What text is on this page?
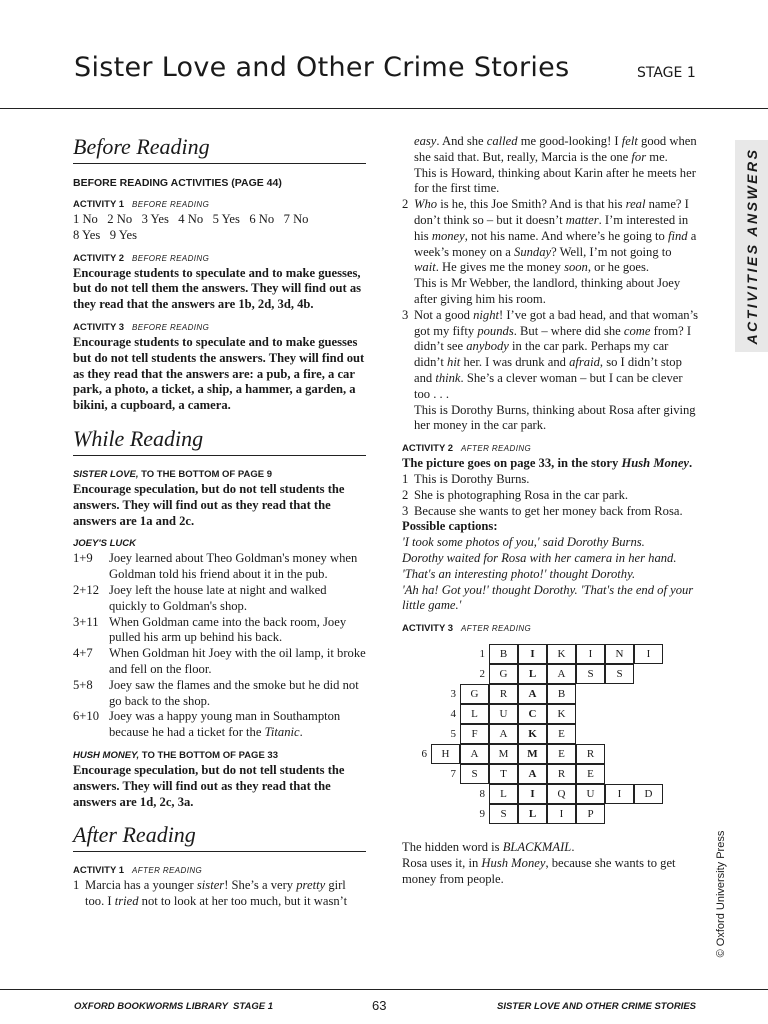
Sister Love and Other Crime Stories	STAGE 1
ACTIVITIES ANSWERS
Before Reading
BEFORE READING ACTIVITIES (PAGE 44)
ACTIVITY 1 BEFORE READING

1 No   2 No   3 Yes   4 No   5 Yes   6 No   7 No

8 Yes   9 Yes

ACTIVITY 2 BEFORE READING

Encourage students to speculate and to make guesses, but do not tell them the answers. They will find out as they read that the answers are 1b, 2d, 3d, 4b.

ACTIVITY 3 BEFORE READING

Encourage students to speculate and to make guesses but do not tell students the answers. They will find out as they read that the answers are: a pub, a fire, a car park, a photo, a ticket, a ship, a hammer, a garden, a bikini, a cupboard, a camera.

While Reading
SISTER LOVE, TO THE BOTTOM OF PAGE 9

Encourage speculation, but do not tell students the answers. They will find out as they read that the answers are 1a and 2c.

JOEY'S LUCK
1+9	Joey learned about Theo Goldman's money when Goldman told his friend about it in the pub.
2+12 Joey left the house late at night and walked quickly to Goldman's shop.
3+11 When Goldman came into the back room, Joey pulled his arm up behind his back.
4+7	When Goldman hit Joey with the oil lamp, it broke and fell on the floor.
5+8	Joey saw the flames and the smoke but he did not go back to the shop.
6+10 Joey was a happy young man in Southampton because he had a ticket for the Titanic.
HUSH MONEY, TO THE BOTTOM OF PAGE 33

Encourage speculation, but do not tell students the answers. They will find out as they read that the answers are 1d, 2c, 3a.

After Reading
ACTIVITY 1 AFTER READING
1 Marcia has a younger sister! She’s a very pretty girl too. I tried not to look at her too much, but it wasn’t

easy. And she called me good-looking! I felt good when she said that. But, really, Marcia is the one for me.

This is Howard, thinking about Karin after he meets her for the first time.

2 Who is he, this Joe Smith? And is that his real name? I don’t think so – but it doesn’t matter. I’m interested in his money, not his name. And where’s he going to find a week’s money on a Sunday? Well, I’m not going to wait. He gives me the money soon, or he goes.

This is Mr Webber, the landlord, thinking about Joey after giving him his room.

3 Not a good night! I’ve got a bad head, and that woman’s got my fifty pounds. But – where did she come from? I didn’t see anybody in the car park. Perhaps my car didn’t hit her. I was drunk and afraid, so I didn’t stop and think. She’s a clever woman – but I can be clever too . . .

This is Dorothy Burns, thinking about Rosa after giving her money in the car park.

ACTIVITY 2 AFTER READING

The picture goes on page 33, in the story Hush Money.

1 This is Dorothy Burns.
2 She is photographing Rosa in the car park.
3 Because she wants to get her money back from Rosa.

Possible captions:

'I took some photos of you,' said Dorothy Burns.

Dorothy waited for Rosa with her camera in her hand.

'That's an interesting photo!' thought Dorothy.

'Ah ha! Got you!' thought Dorothy. 'That's the end of your little game.'

ACTIVITY 3 AFTER READING
1	B	I	K	I	N	I
2	G	L	A	S	S
3	G	R	A	B
4	L	U	C	K
5	F	A	K	E
6	H	A	M	M	E	R
7	S	T	A	R	E
8	L	I	Q	U	I	D
9	S	L	I	P

The hidden word is BLACKMAIL.

Rosa uses it, in Hush Money, because she wants to get money from people.	© Oxford University Press
OXFORD BOOKWORMS LIBRARY  STAGE 1	63	SISTER LOVE AND OTHER CRIME STORIES
